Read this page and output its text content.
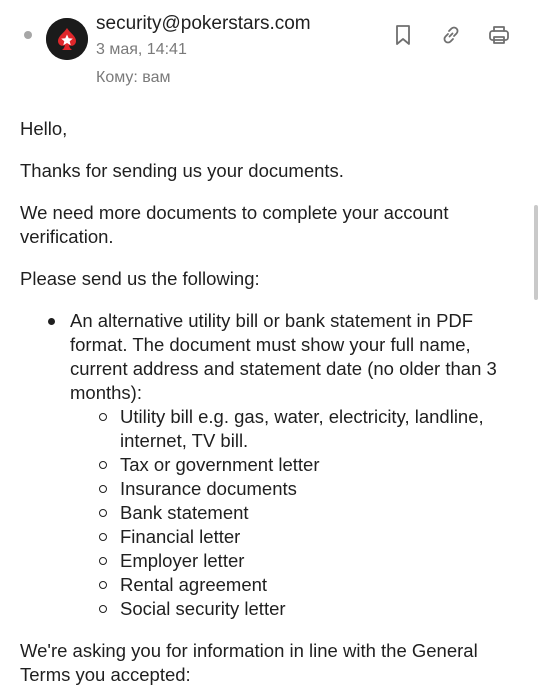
security@pokerstars.com
3 мая, 14:41
Кому: вам

Hello,

Thanks for sending us your documents.

We need more documents to complete your account verification.

Please send us the following:

An alternative utility bill or bank statement in PDF format. The document must show your full name, current address and statement date (no older than 3 months):
Utility bill e.g. gas, water, electricity, landline, internet, TV bill.
Tax or government letter
Insurance documents
Bank statement
Financial letter
Employer letter
Rental agreement
Social security letter

We're asking you for information in line with the General Terms you accepted:
